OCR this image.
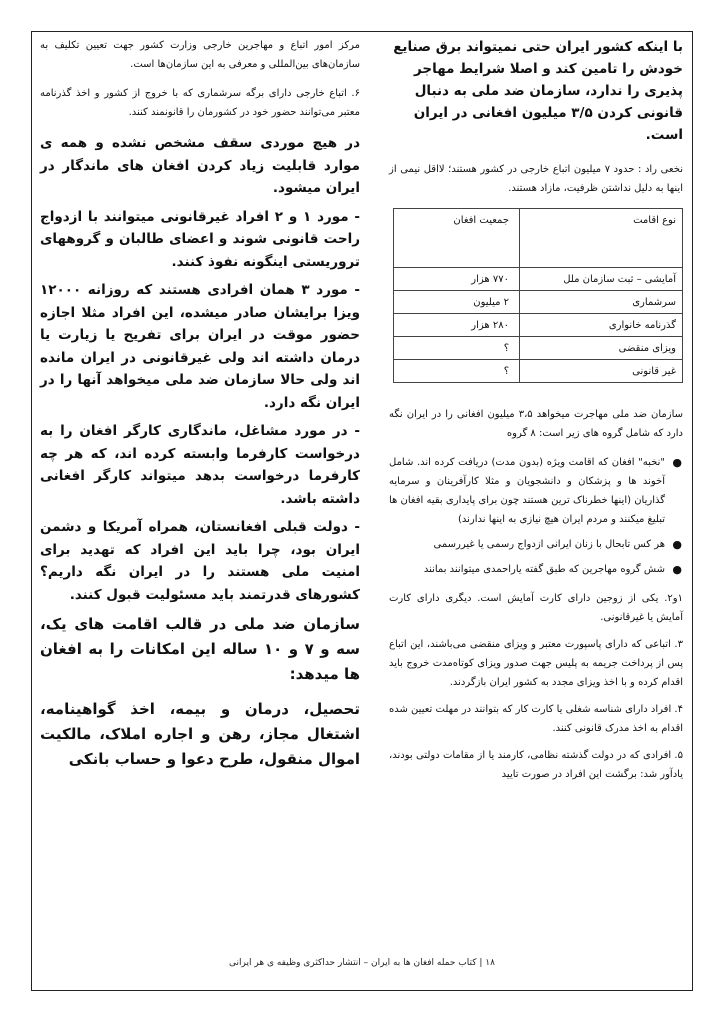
با اینکه کشور ایران حتی نمیتواند برق صنایع خودش را تامین کند و اصلا شرایط مهاجر پذیری را ندارد، سازمان ضد ملی به دنبال قانونی کردن ۳/۵ میلیون افغانی در ایران است.

نخعی راد : حدود ۷ میلیون اتباع خارجی در کشور هستند؛ لااقل نیمی از اینها به دلیل نداشتن ظرفیت، مازاد هستند.

نوع اقامت	جمعیت افغان
آمایشی – ثبت سازمان ملل	۷۷۰ هزار
سرشماری	۲ میلیون
گذرنامه خانواری	۲۸۰ هزار
ویزای منقضی	؟
غیر قانونی	؟

سازمان ضد ملی مهاجرت میخواهد ۳،۵ میلیون افغانی را در ایران نگه دارد که شامل گروه های زیر است: ۸ گروه

●
"نخبه" افغان که اقامت ویژه (بدون مدت) دریافت کرده اند. شامل آخوند ها و پزشکان و دانشجویان و مثلا کارآفرینان و سرمایه گذاریان (اینها خطرناک ترین هستند چون برای پایداری بقیه افغان ها تبلیغ میکنند و مردم ایران هیچ نیازی به اینها ندارند)
●
هر کس تابحال با زنان ایرانی ازدواج رسمی یا غیررسمی
●
شش گروه مهاجرین که طبق گفته یاراحمدی میتوانند بمانند

۱و۲. یکی از زوجین دارای کارت آمایش است. دیگری دارای کارت آمایش یا غیرقانونی.

۳. اتباعی که دارای پاسپورت معتبر و ویزای منقضی می‌باشند، این اتباع پس از پرداخت جریمه به پلیس جهت صدور ویزای کوتاه‌مدت خروج باید اقدام کرده و با اخذ ویزای مجدد به کشور ایران بازگردند.

۴. افراد دارای شناسه شغلی یا کارت کار که بتوانند در مهلت تعیین شده اقدام به اخذ مدرک قانونی کنند.

۵. افرادی که در دولت گذشته نظامی، کارمند یا از مقامات دولتی بودند، یادآور شد: برگشت این افراد در صورت تایید

مرکز امور اتباع و مهاجرین خارجی وزارت کشور جهت تعیین تکلیف به سازمان‌های بین‌المللی و معرفی به این سازمان‌ها است.

۶. اتباع خارجی دارای برگه سرشماری که با خروج از کشور و اخذ گذرنامه معتبر می‌توانند حضور خود در کشورمان را قانونمند کنند.

در هیچ موردی سقف مشخص نشده و همه ی موارد قابلیت زیاد کردن افغان های ماندگار در ایران میشود.

- مورد ۱ و ۲ افراد غیرقانونی میتوانند با ازدواج راحت قانونی شوند و اعضای طالبان و گروههای تروریستی اینگونه نفوذ کنند.

- مورد ۳ همان افرادی هستند که روزانه ۱۲۰۰۰ ویزا برایشان صادر میشده، این افراد مثلا اجازه حضور موقت در ایران برای تفریح یا زیارت یا درمان داشته اند ولی غیرقانونی در ایران مانده اند ولی حالا سازمان ضد ملی میخواهد آنها را در ایران نگه دارد.

- در مورد مشاغل، ماندگاری کارگر افغان را به درخواست کارفرما وابسته کرده اند، که هر چه کارفرما درخواست بدهد میتواند کارگر افغانی داشته باشد.

- دولت قبلی افغانستان، همراه آمریکا و دشمن ایران بود، چرا باید این افراد که تهدید برای امنیت ملی هستند را در ایران نگه داریم؟ کشورهای قدرتمند باید مسئولیت قبول کنند.

سازمان ضد ملی در قالب اقامت های یک، سه و ۷ و ۱۰ ساله این امکانات را به افغان ها میدهد:

تحصیل، درمان و بیمه، اخذ گواهینامه، اشتغال مجاز، رهن و اجاره املاک، مالکیت اموال منقول، طرح دعوا و حساب بانکی

۱۸ | کتاب حمله افغان ها به ایران – انتشار حداکثری وظیفه ی هر ایرانی
